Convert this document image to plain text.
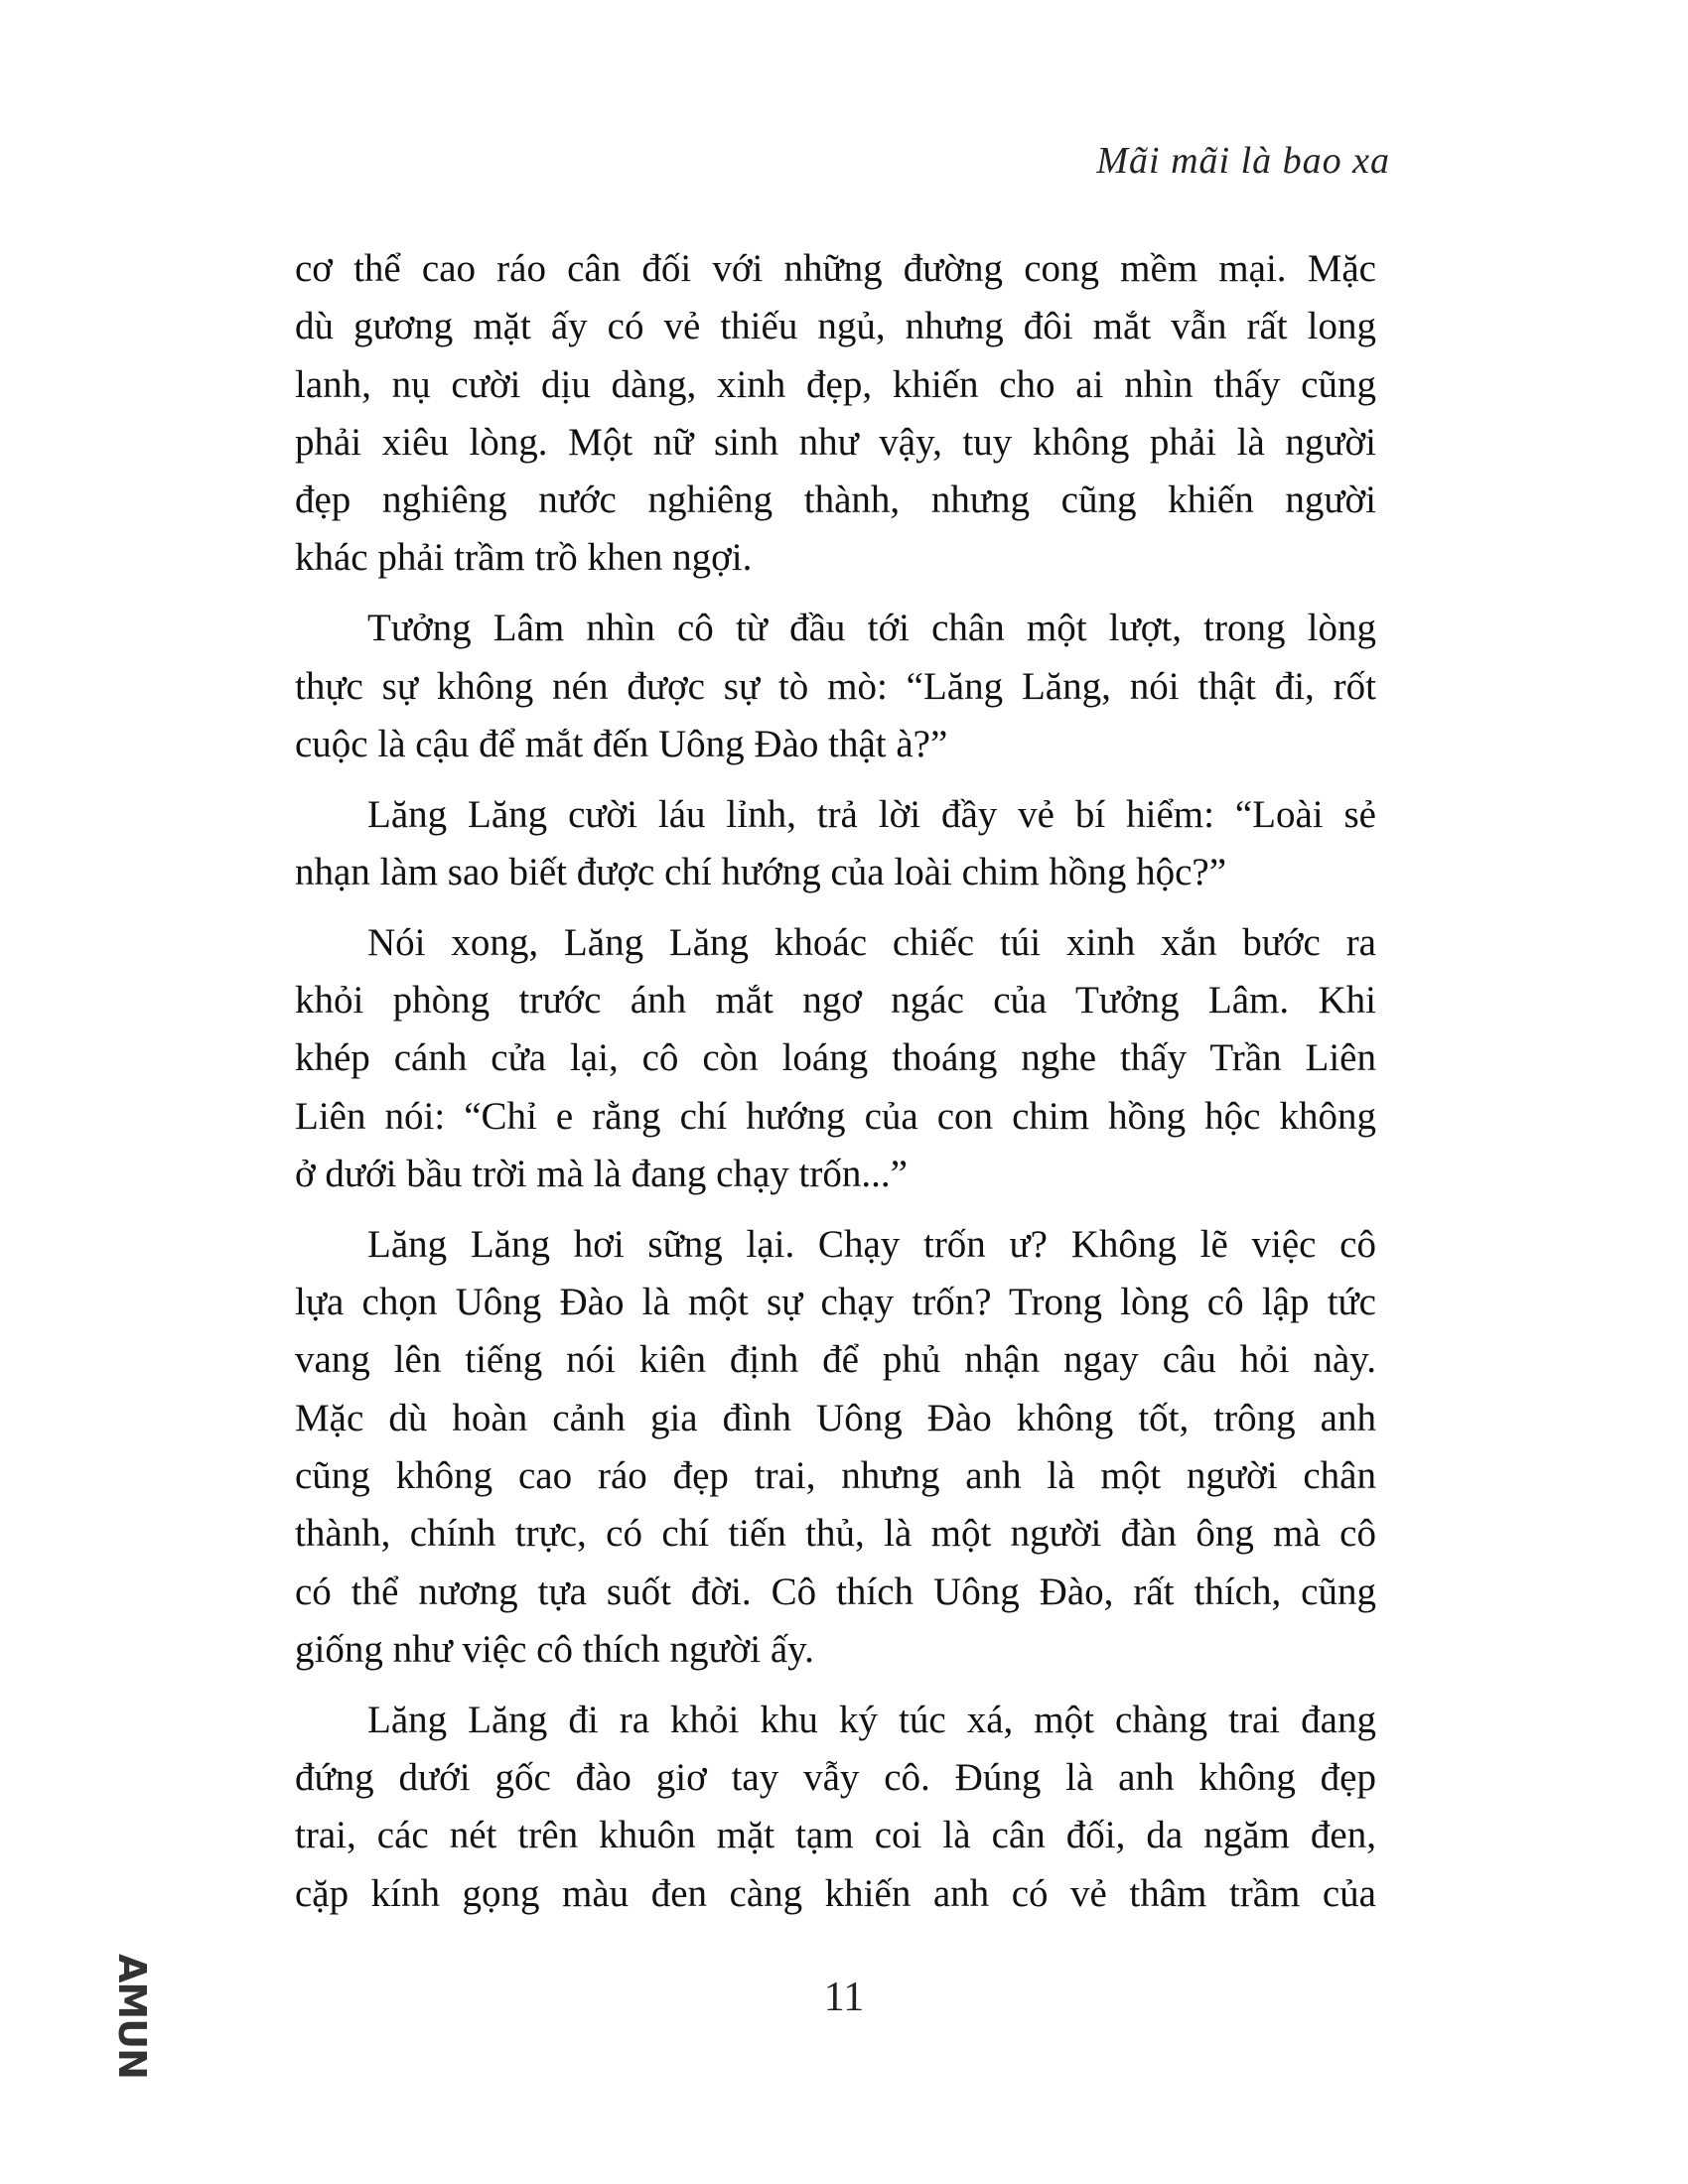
Mãi mãi là bao xa
cơ thể cao ráo cân đối với những đường cong mềm mại. Mặc
dù gương mặt ấy có vẻ thiếu ngủ, nhưng đôi mắt vẫn rất long
lanh, nụ cười dịu dàng, xinh đẹp, khiến cho ai nhìn thấy cũng
phải xiêu lòng. Một nữ sinh như vậy, tuy không phải là người
đẹp nghiêng nước nghiêng thành, nhưng cũng khiến người
khác phải trầm trồ khen ngợi.
Tưởng Lâm nhìn cô từ đầu tới chân một lượt, trong lòng
thực sự không nén được sự tò mò: “Lăng Lăng, nói thật đi, rốt
cuộc là cậu để mắt đến Uông Đào thật à?”
Lăng Lăng cười láu lỉnh, trả lời đầy vẻ bí hiểm: “Loài sẻ
nhạn làm sao biết được chí hướng của loài chim hồng hộc?”
Nói xong, Lăng Lăng khoác chiếc túi xinh xắn bước ra
khỏi phòng trước ánh mắt ngơ ngác của Tưởng Lâm. Khi
khép cánh cửa lại, cô còn loáng thoáng nghe thấy Trần Liên
Liên nói: “Chỉ e rằng chí hướng của con chim hồng hộc không
ở dưới bầu trời mà là đang chạy trốn...”
Lăng Lăng hơi sững lại. Chạy trốn ư? Không lẽ việc cô
lựa chọn Uông Đào là một sự chạy trốn? Trong lòng cô lập tức
vang lên tiếng nói kiên định để phủ nhận ngay câu hỏi này.
Mặc dù hoàn cảnh gia đình Uông Đào không tốt, trông anh
cũng không cao ráo đẹp trai, nhưng anh là một người chân
thành, chính trực, có chí tiến thủ, là một người đàn ông mà cô
có thể nương tựa suốt đời. Cô thích Uông Đào, rất thích, cũng
giống như việc cô thích người ấy.
Lăng Lăng đi ra khỏi khu ký túc xá, một chàng trai đang
đứng dưới gốc đào giơ tay vẫy cô. Đúng là anh không đẹp
trai, các nét trên khuôn mặt tạm coi là cân đối, da ngăm đen,
cặp kính gọng màu đen càng khiến anh có vẻ thâm trầm của
11
AMUN
